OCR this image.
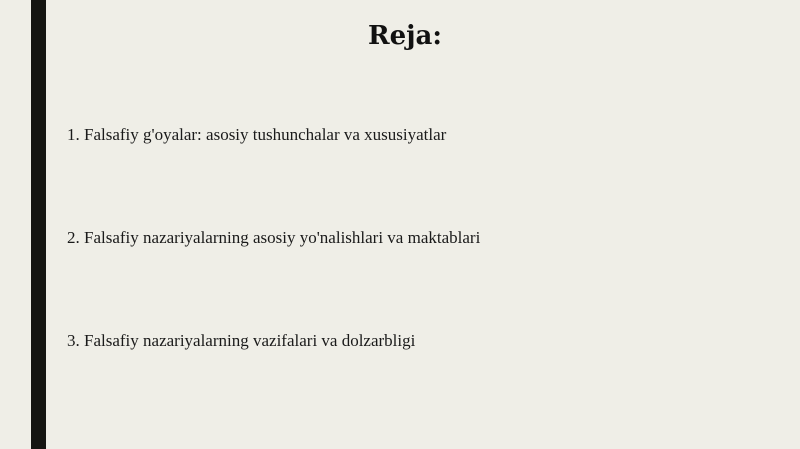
Reja:
1. Falsafiy g'oyalar: asosiy tushunchalar va xususiyatlar
2. Falsafiy nazariyalarning asosiy yo'nalishlari va maktablari
3. Falsafiy nazariyalarning vazifalari va dolzarbligi
